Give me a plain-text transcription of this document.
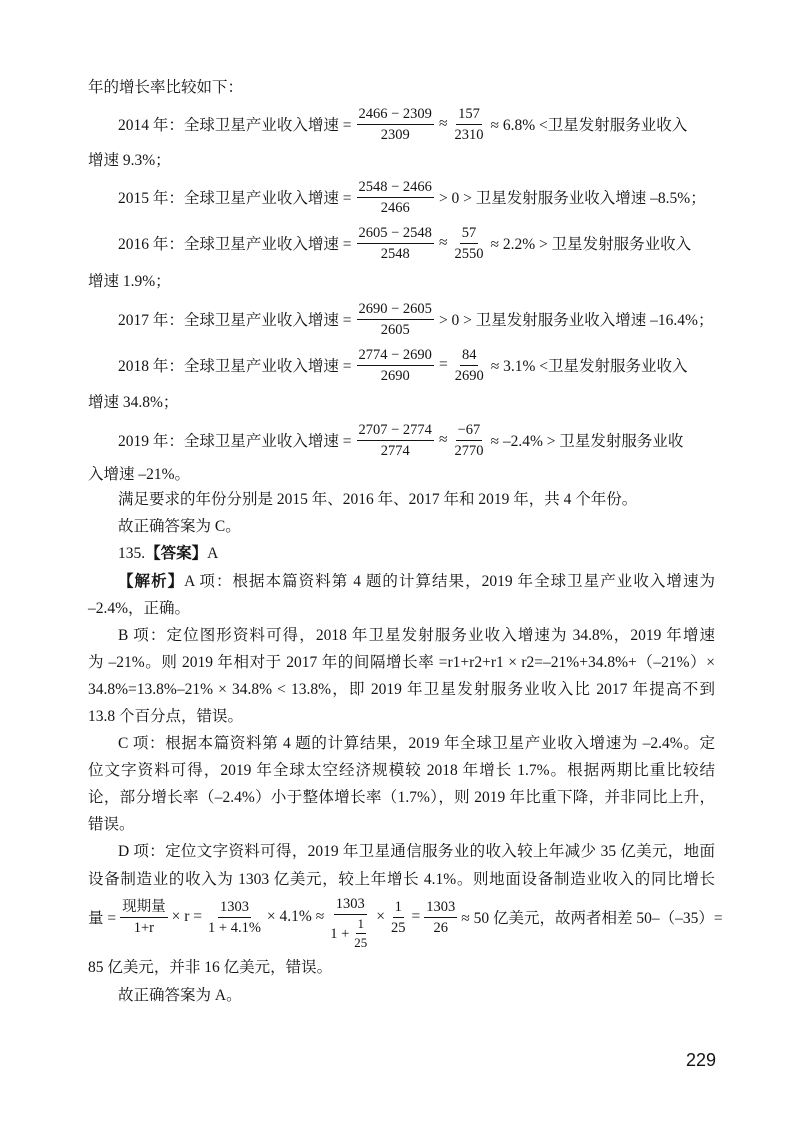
年的增长率比较如下：
2014 年：全球卫星产业收入增速 = $\frac{2466 - 2309}{2309} \approx \frac{157}{2310} \approx 6.8\%$ <卫星发射服务业收入
增速 9.3%；
2015 年：全球卫星产业收入增速 = $\frac{2548 - 2466}{2466} > 0$ > 卫星发射服务业收入增速 –8.5%；
2016 年：全球卫星产业收入增速 = $\frac{2605 - 2548}{2548} \approx \frac{57}{2550} \approx 2.2\%$ > 卫星发射服务业收入
增速 1.9%；
2017 年：全球卫星产业收入增速 = $\frac{2690 - 2605}{2605} > 0$ > 卫星发射服务业收入增速 –16.4%；
2018 年：全球卫星产业收入增速 = $\frac{2774 - 2690}{2690} = \frac{84}{2690} \approx 3.1\%$ <卫星发射服务业收入
增速 34.8%；
2019 年：全球卫星产业收入增速 = $\frac{2707 - 2774}{2774} \approx \frac{-67}{2770} \approx -2.4\%$ > 卫星发射服务业收
入增速 –21%。
满足要求的年份分别是 2015 年、2016 年、2017 年和 2019 年，共 4 个年份。
故正确答案为 C。
135.【答案】A
【解析】A 项：根据本篇资料第 4 题的计算结果，2019 年全球卫星产业收入增速为
–2.4%，正确。
B 项：定位图形资料可得，2018 年卫星发射服务业收入增速为 34.8%，2019 年增速
为 –21%。则 2019 年相对于 2017 年的间隔增长率 =r1+r2+r1 × r2=–21%+34.8%+（–21%）×
34.8%=13.8%–21% × 34.8% < 13.8%，即 2019 年卫星发射服务业收入比 2017 年提高不到
13.8 个百分点，错误。
C 项：根据本篇资料第 4 题的计算结果，2019 年全球卫星产业收入增速为 –2.4%。定
位文字资料可得，2019 年全球太空经济规模较 2018 年增长 1.7%。根据两期比重比较结
论，部分增长率（–2.4%）小于整体增长率（1.7%），则 2019 年比重下降，并非同比上升，
错误。
D 项：定位文字资料可得，2019 年卫星通信服务业的收入较上年减少 35 亿美元，地面
设备制造业的收入为 1303 亿美元，较上年增长 4.1%。则地面设备制造业收入的同比增长
量 = $\frac{\text{现期量}}{1+r} \times r = \frac{1303}{1 + 4.1\%} \times 4.1\% \approx \frac{1303}{1 + \frac{1}{25}} \times \frac{1}{25} = \frac{1303}{26} \approx 50$ 亿美元，故两者相差 50–（–35）=
85 亿美元，并非 16 亿美元，错误。
故正确答案为 A。
229
